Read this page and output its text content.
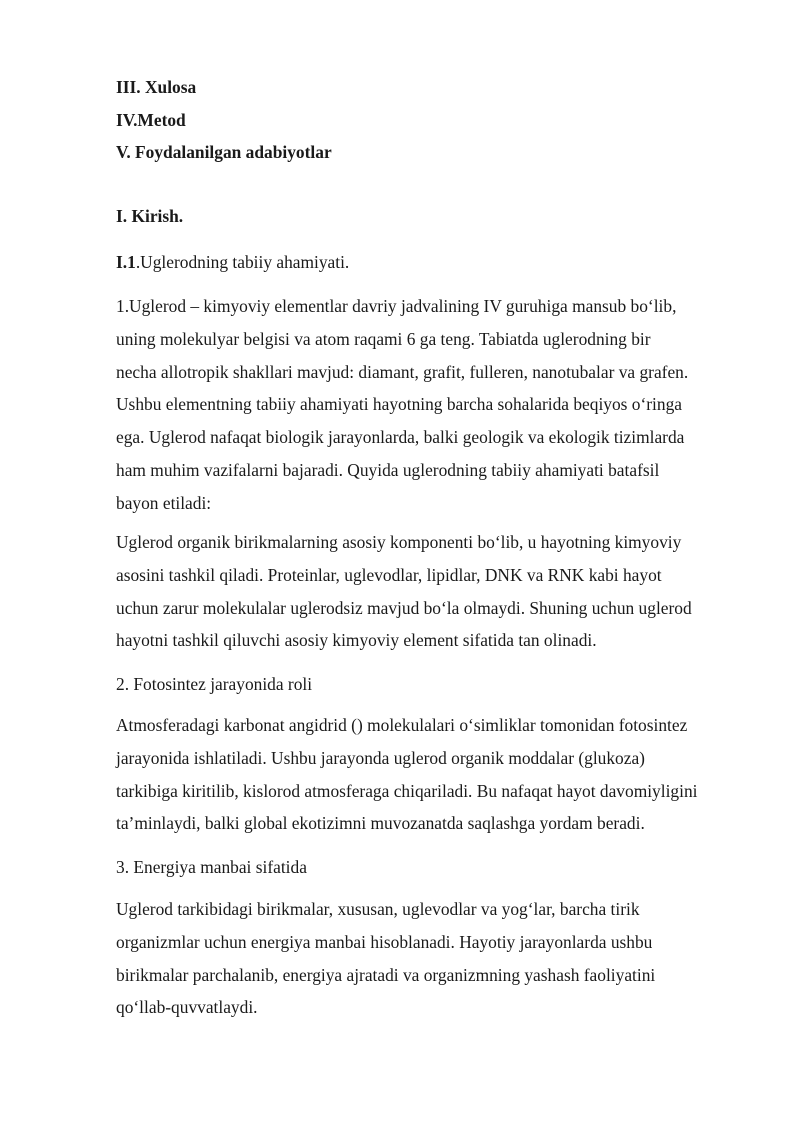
III. Xulosa
IV.Metod
V. Foydalanilgan adabiyotlar
I. Kirish.
I.1.Uglerodning tabiiy ahamiyati.
1.Uglerod – kimyoviy elementlar davriy jadvalining IV guruhiga mansub bo‘lib,
uning molekulyar belgisi va atom raqami 6 ga teng. Tabiatda uglerodning bir
necha allotropik shakllari mavjud: diamant, grafit, fulleren, nanotubalar va grafen.
Ushbu elementning tabiiy ahamiyati hayotning barcha sohalarida beqiyos o‘ringa
ega. Uglerod nafaqat biologik jarayonlarda, balki geologik va ekologik tizimlarda
ham muhim vazifalarni bajaradi. Quyida uglerodning tabiiy ahamiyati batafsil
bayon etiladi:
Uglerod organik birikmalarning asosiy komponenti bo‘lib, u hayotning kimyoviy
asosini tashkil qiladi. Proteinlar, uglevodlar, lipidlar, DNK va RNK kabi hayot
uchun zarur molekulalar uglerodsiz mavjud bo‘la olmaydi. Shuning uchun uglerod
hayotni tashkil qiluvchi asosiy kimyoviy element sifatida tan olinadi.
2. Fotosintez jarayonida roli
Atmosferadagi karbonat angidrid () molekulalari o‘simliklar tomonidan fotosintez
jarayonida ishlatiladi. Ushbu jarayonda uglerod organik moddalar (glukoza)
tarkibiga kiritilib, kislorod atmosferaga chiqariladi. Bu nafaqat hayot davomiyligini
ta’minlaydi, balki global ekotizimni muvozanatda saqlashga yordam beradi.
3. Energiya manbai sifatida
Uglerod tarkibidagi birikmalar, xususan, uglevodlar va yog‘lar, barcha tirik
organizmlar uchun energiya manbai hisoblanadi. Hayotiy jarayonlarda ushbu
birikmalar parchalanib, energiya ajratadi va organizmning yashash faoliyatini
qo‘llab-quvvatlaydi.
